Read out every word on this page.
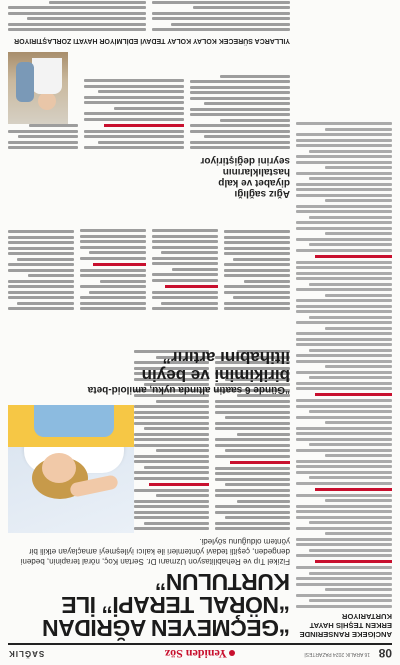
08
16 ARALIK 2024 PAZARTESİ
Yeniden Söz
SAĞLIK
ANCİGEKE RANSERINDE ERKEN TEŞHİS HAYAT KURTARIYOR
“GEÇMEYEN AĞRIDAN
“NÖRAL TERAPİ” İLE KURTULUN”
Fizikel Tıp ve Rehabilitasyon Uzmanı Dr. Sertan Koç, nöral terapinin, bedeni dengeden, çeşitli tedavi yöntemleri ile kalıcı iyileşmeyi amaçlayan etkili bir yöntem olduğunu söyledi.
“Günde 6 saatin altında uyku, amiloid-beta
birikimini ve beyin
iltihabını artırır”
Ağız sağlığı
diyabet ve kalp
hastalıklarının
seyrini değiştiriyor
YILLARCA SÜRECEK KOLAY KOLAY TEDAVİ EDİLMİYOR HAYATI ZORLAŞTIRIYOR
